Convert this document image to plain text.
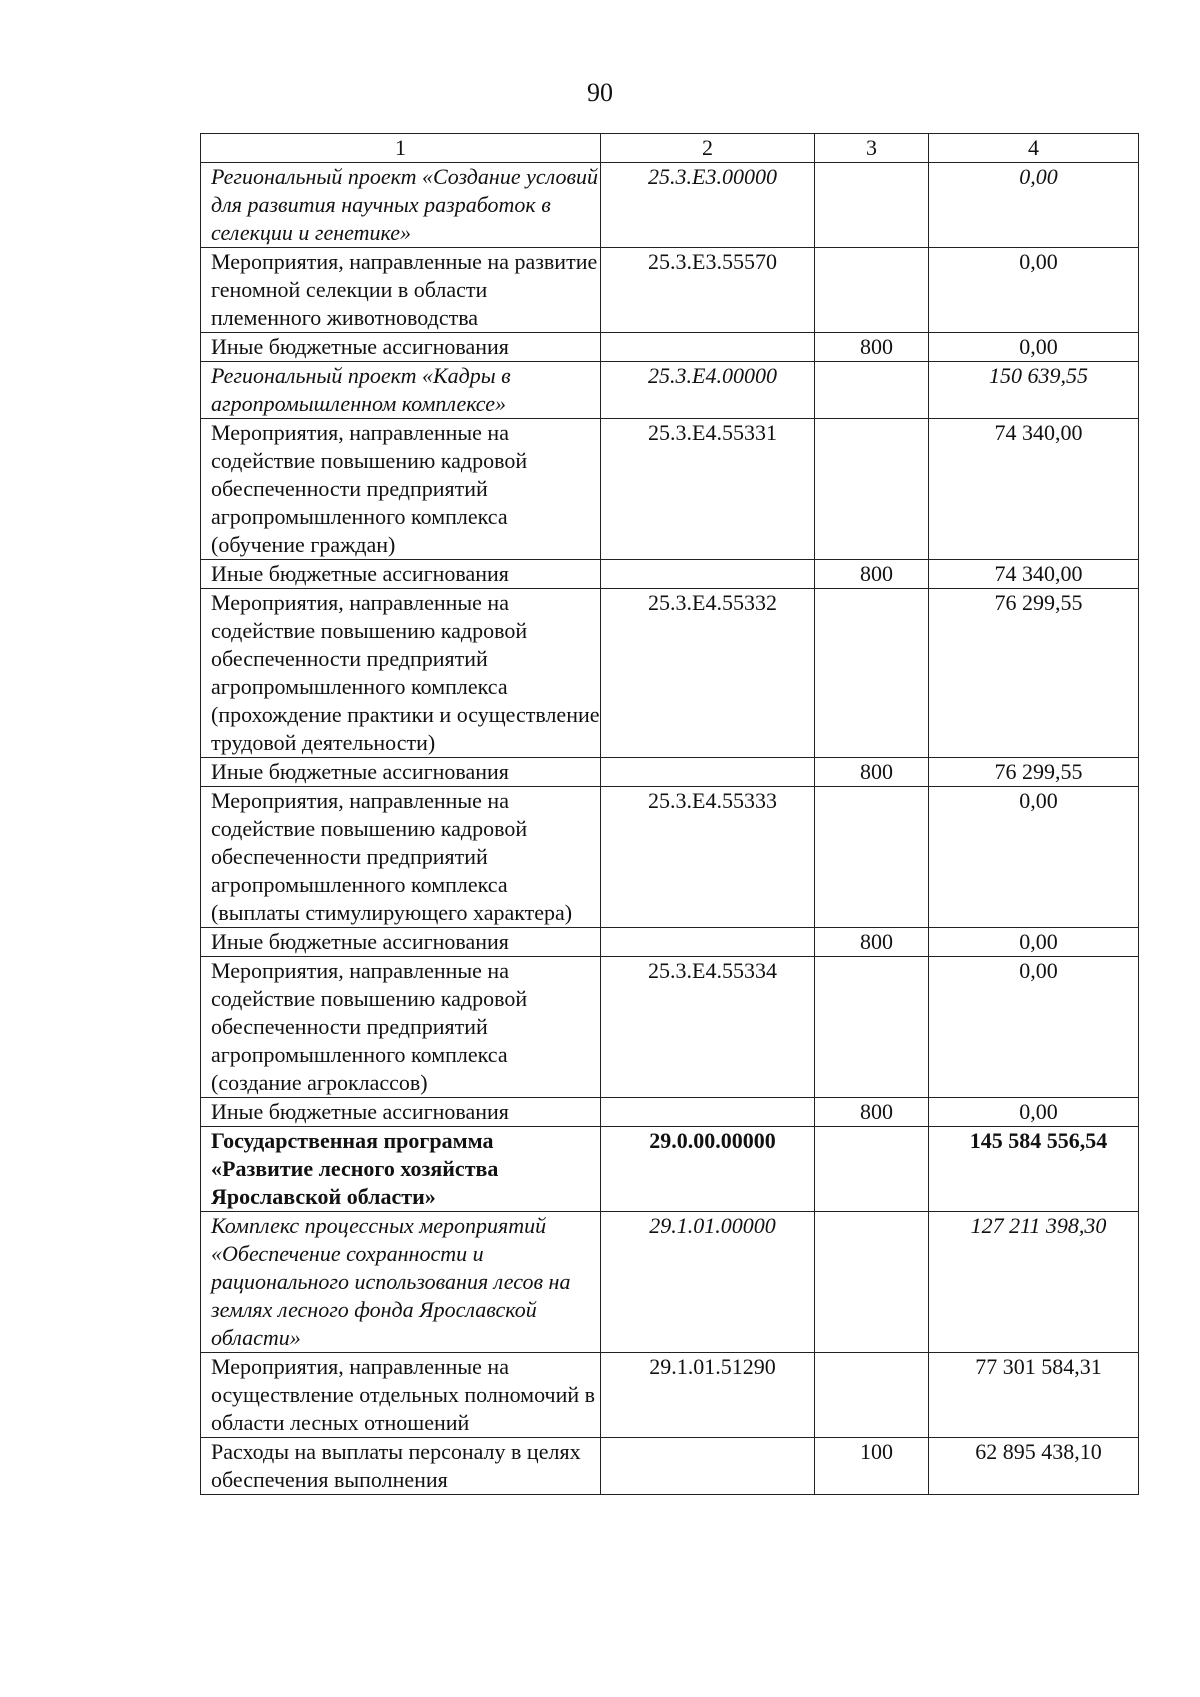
90
1	2	3	4
Региональный проект «Создание условий для развития научных разработок в селекции и генетике»	25.3.E3.00000		0,00
Мероприятия, направленные на развитие геномной селекции в области племенного животноводства	25.3.E3.55570		0,00
Иные бюджетные ассигнования		800	0,00
Региональный проект «Кадры в агропромышленном комплексе»	25.3.E4.00000		150 639,55
Мероприятия, направленные на содействие повышению кадровой обеспеченности предприятий агропромышленного комплекса (обучение граждан)	25.3.E4.55331		74 340,00
Иные бюджетные ассигнования		800	74 340,00
Мероприятия, направленные на содействие повышению кадровой обеспеченности предприятий агропромышленного комплекса (прохождение практики и осуществление трудовой деятельности)	25.3.E4.55332		76 299,55
Иные бюджетные ассигнования		800	76 299,55
Мероприятия, направленные на содействие повышению кадровой обеспеченности предприятий агропромышленного комплекса (выплаты стимулирующего характера)	25.3.E4.55333		0,00
Иные бюджетные ассигнования		800	0,00
Мероприятия, направленные на содействие повышению кадровой обеспеченности предприятий агропромышленного комплекса (создание агроклассов)	25.3.E4.55334		0,00
Иные бюджетные ассигнования		800	0,00
Государственная программа «Развитие лесного хозяйства Ярославской области»	29.0.00.00000		145 584 556,54
Комплекс процессных мероприятий «Обеспечение сохранности и рационального использования лесов на землях лесного фонда Ярославской области»	29.1.01.00000		127 211 398,30
Мероприятия, направленные на осуществление отдельных полномочий в области лесных отношений	29.1.01.51290		77 301 584,31
Расходы на выплаты персоналу в целях обеспечения выполнения		100	62 895 438,10
